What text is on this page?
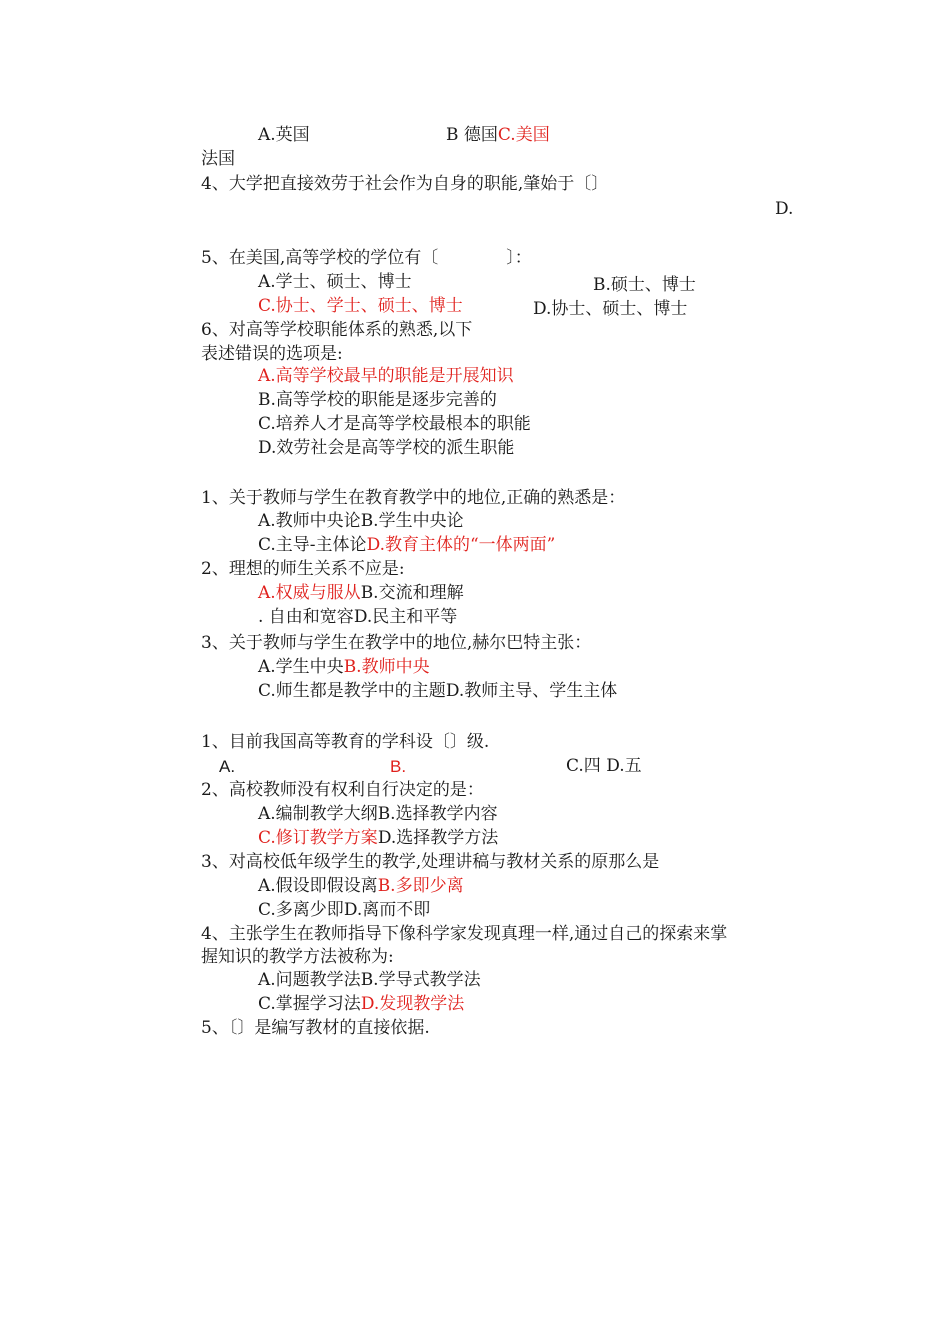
A.英国	B 德国C.美国
法国
4、大学把直接效劳于社会作为自身的职能,肇始于〔〕
D.
5、在美国,高等学校的学位有〔　　　　〕：
A.学士、硕士、博士	B.硕士、博士
C.协士、学士、硕士、博士	D.协士、硕士、博士
6、对高等学校职能体系的熟悉,以下
表述错误的选项是:
A.高等学校最早的职能是开展知识
B.高等学校的职能是逐步完善的
C.培养人才是高等学校最根本的职能
D.效劳社会是高等学校的派生职能
1、关于教师与学生在教育教学中的地位,正确的熟悉是：
A.教师中央论B.学生中央论
C.主导-主体论D.教育主体的“一体两面”
2、理想的师生关系不应是:
A.权威与服从B.交流和理解
. 自由和宽容D.民主和平等
3、关于教师与学生在教学中的地位,赫尔巴特主张：
A.学生中央B.教师中央
C.师生都是教学中的主题D.教师主导、学生主体
1、目前我国高等教育的学科设〔〕级.
A.	B.	C.四 D.五
2、高校教师没有权利自行决定的是：
A.编制教学大纲B.选择教学内容
C.修订教学方案D.选择教学方法
3、对高校低年级学生的教学,处理讲稿与教材关系的原那么是
A.假设即假设离B.多即少离
C.多离少即D.离而不即
4、主张学生在教师指导下像科学家发现真理一样,通过自己的探索来掌
握知识的教学方法被称为:
A.问题教学法B.学导式教学法
C.掌握学习法D.发现教学法
5、〔〕是编写教材的直接依据.
